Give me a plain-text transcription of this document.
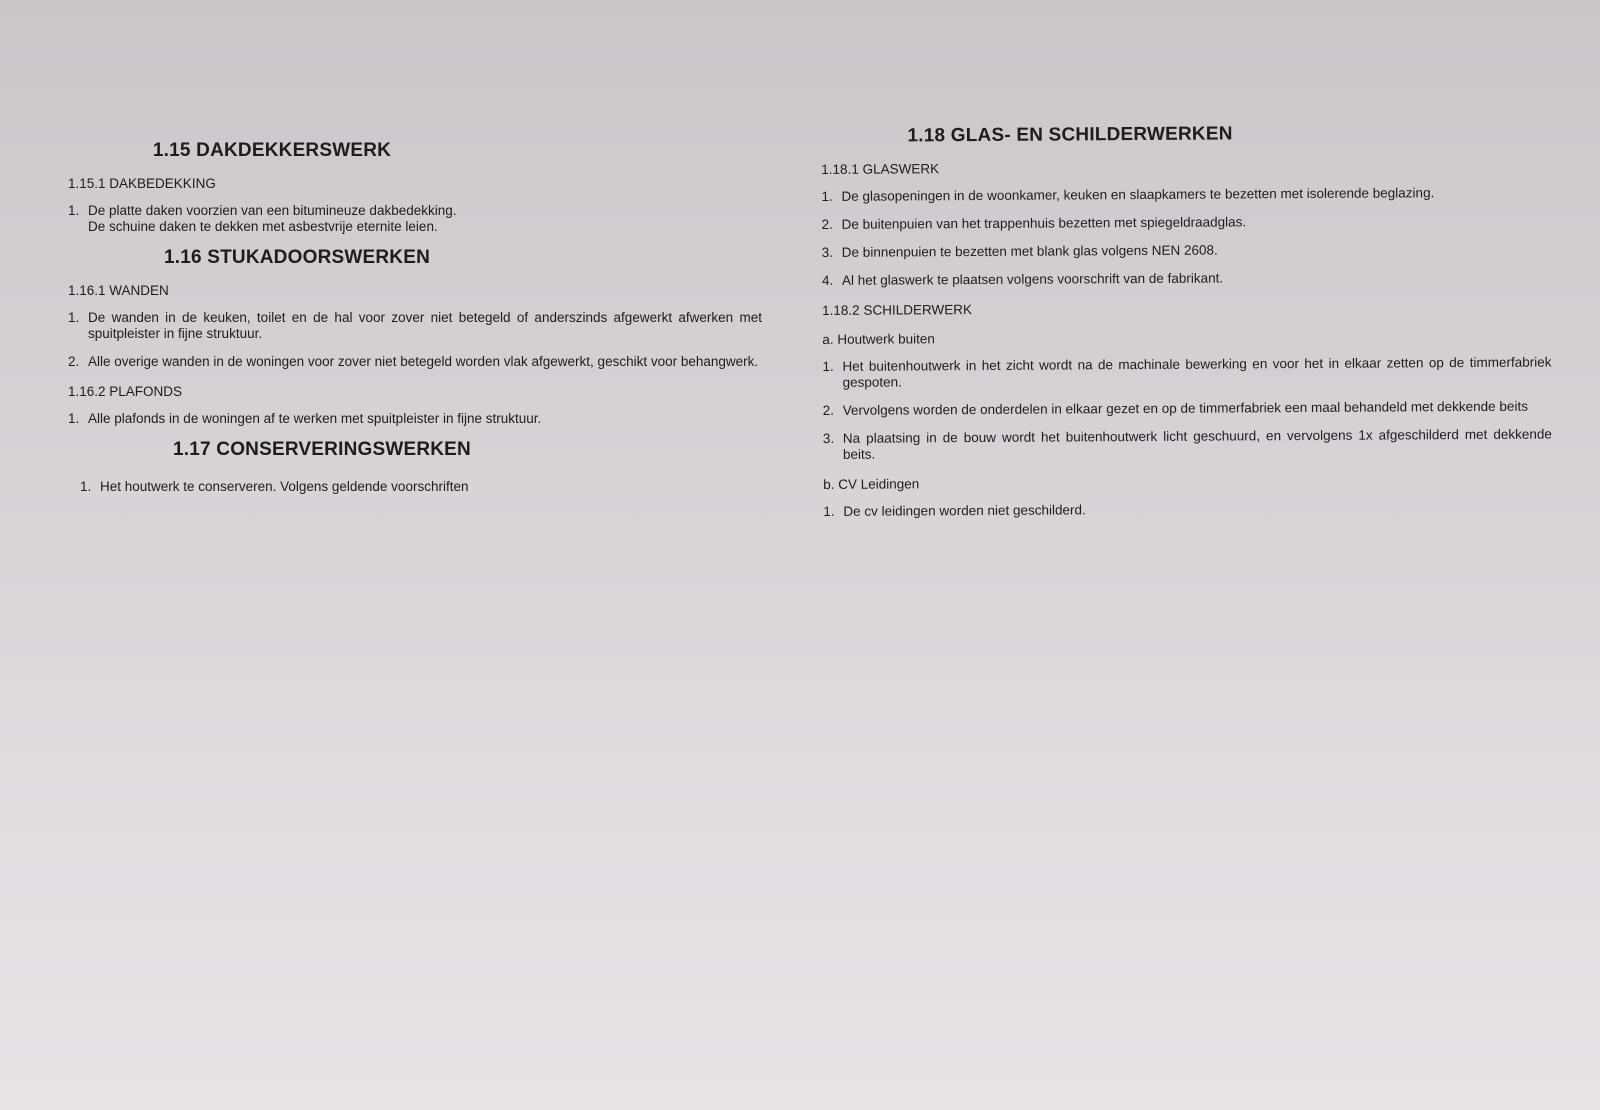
1.15 DAKDEKKERSWERK
1.15.1 DAKBEDEKKING
1. De platte daken voorzien van een bitumineuze dakbedekking.
De schuine daken te dekken met asbestvrije eternite leien.
1.16 STUKADOORSWERKEN
1.16.1 WANDEN
1. De wanden in de keuken, toilet en de hal voor zover niet betegeld of anderszinds afgewerkt afwerken met spuitpleister in fijne struktuur.
2. Alle overige wanden in de woningen voor zover niet betegeld worden vlak afgewerkt, geschikt voor behangwerk.
1.16.2 PLAFONDS
1. Alle plafonds in de woningen af te werken met spuitpleister in fijne struktuur.
1.17 CONSERVERINGSWERKEN
1. Het houtwerk te conserveren. Volgens geldende voorschriften
1.18 GLAS- EN SCHILDERWERKEN
1.18.1 GLASWERK
1. De glasopeningen in de woonkamer, keuken en slaapkamers te bezetten met isolerende beglazing.
2. De buitenpuien van het trappenhuis bezetten met spiegeldraadglas.
3. De binnenpuien te bezetten met blank glas volgens NEN 2608.
4. Al het glaswerk te plaatsen volgens voorschrift van de fabrikant.
1.18.2 SCHILDERWERK
a. Houtwerk buiten
1. Het buitenhoutwerk in het zicht wordt na de machinale bewerking en voor het in elkaar zetten op de timmerfabriek gespoten.
2. Vervolgens worden de onderdelen in elkaar gezet en op de timmerfabriek een maal behandeld met dekkende beits
3. Na plaatsing in de bouw wordt het buitenhoutwerk licht geschuurd, en vervolgens 1x afgeschilderd met dekkende beits.
b. CV Leidingen
1. De cv leidingen worden niet geschilderd.
